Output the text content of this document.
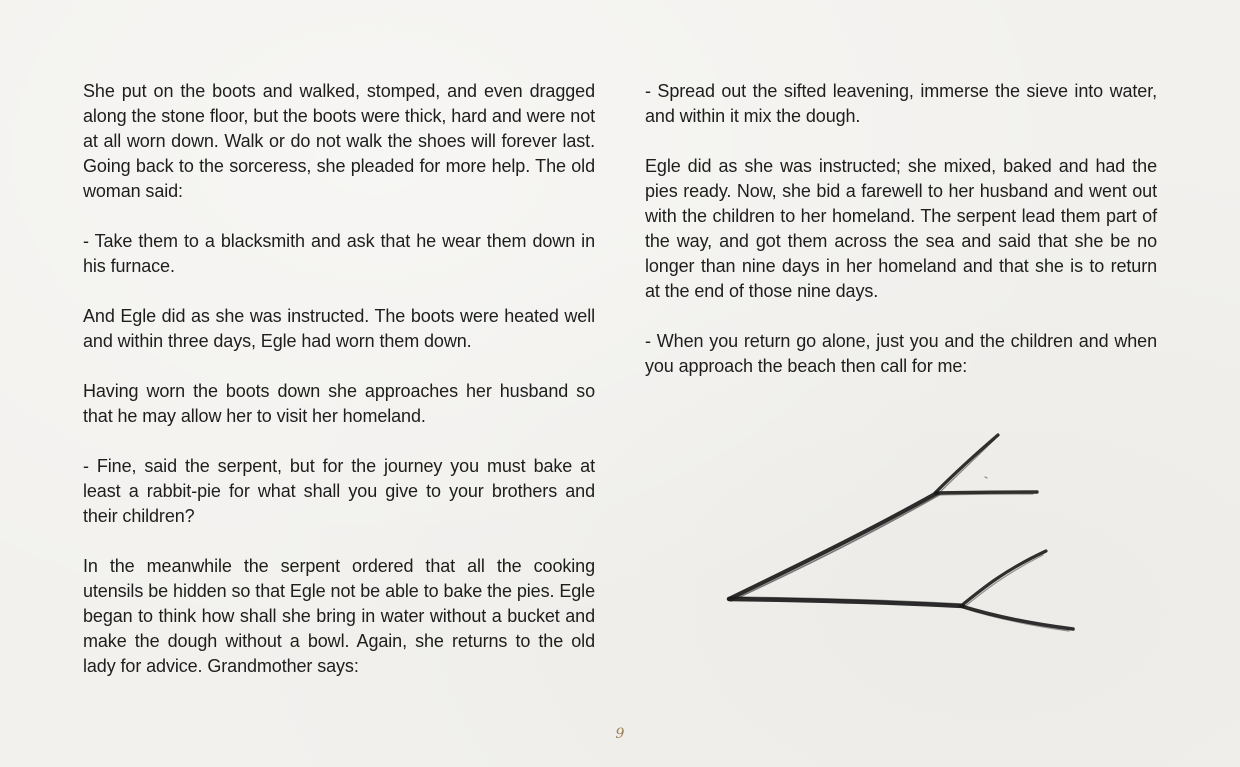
She put on the boots and walked, stomped, and even dragged along the stone floor, but the boots were thick, hard and were not at all worn down. Walk or do not walk the shoes will forever last. Going back to the sorceress, she pleaded for more help. The old woman said:

- Take them to a blacksmith and ask that he wear them down in his furnace.

And Egle did as she was instructed. The boots were heated well and within three days, Egle had worn them down.

Having worn the boots down she approaches her husband so that he may allow her to visit her homeland.

- Fine, said the serpent, but for the journey you must bake at least a rabbit-pie for what shall you give to your brothers and their children?

In the meanwhile the serpent ordered that all the cooking utensils be hidden so that Egle not be able to bake the pies. Egle began to think how shall she bring in water without a bucket and make the dough without a bowl. Again, she returns to the old lady for advice. Grandmother says:

- Spread out the sifted leavening, immerse the sieve into water, and within it mix the dough.

Egle did as she was instructed; she mixed, baked and had the pies ready. Now, she bid a farewell to her husband and went out with the children to her homeland. The serpent lead them part of the way, and got them across the sea and said that she be no longer than nine days in her homeland and that she is to return at the end of those nine days.

- When you return go alone, just you and the children and when you approach the beach then call for me:

9
